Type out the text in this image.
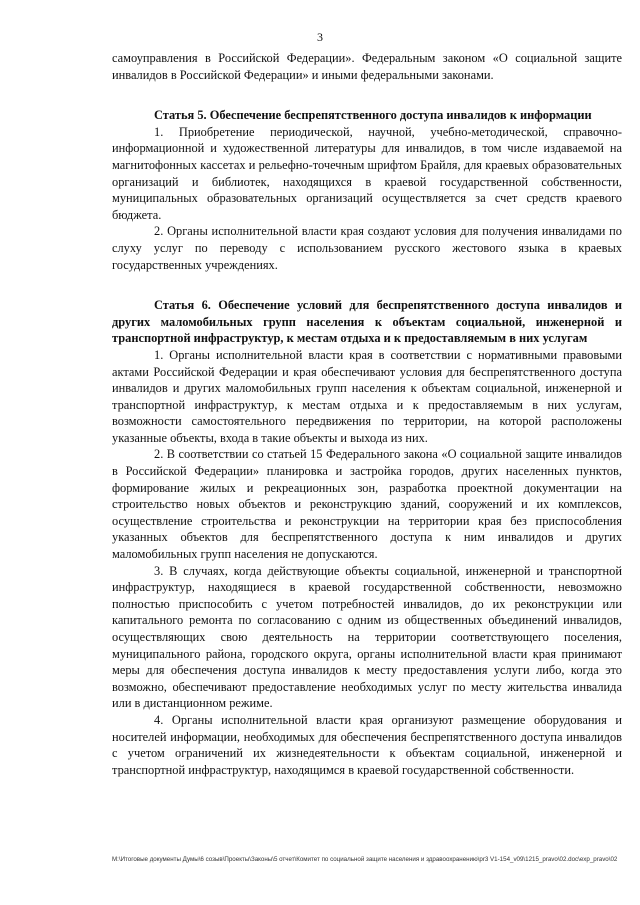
3

самоуправления в Российской Федерации». Федеральным законом «О социальной защите инвалидов в Российской Федерации» и иными федеральными законами.

Статья 5. Обеспечение беспрепятственного доступа инвалидов к информации

1. Приобретение периодической, научной, учебно-методической, справочно-информационной и художественной литературы для инвалидов, в том числе издаваемой на магнитофонных кассетах и рельефно-точечным шрифтом Брайля, для краевых образовательных организаций и библиотек, находящихся в краевой государственной собственности, муниципальных образовательных организаций осуществляется за счет средств краевого бюджета.

2. Органы исполнительной власти края создают условия для получения инвалидами по слуху услуг по переводу с использованием русского жестового языка в краевых государственных учреждениях.

Статья 6. Обеспечение условий для беспрепятственного доступа инвалидов и других маломобильных групп населения к объектам социальной, инженерной и транспортной инфраструктур, к местам отдыха и к предоставляемым в них услугам

1. Органы исполнительной власти края в соответствии с нормативными правовыми актами Российской Федерации и края обеспечивают условия для беспрепятственного доступа инвалидов и других маломобильных групп населения к объектам социальной, инженерной и транспортной инфраструктур, к местам отдыха и к предоставляемым в них услугам, возможности самостоятельного передвижения по территории, на которой расположены указанные объекты, входа в такие объекты и выхода из них.

2. В соответствии со статьей 15 Федерального закона «О социальной защите инвалидов в Российской Федерации» планировка и застройка городов, других населенных пунктов, формирование жилых и рекреационных зон, разработка проектной документации на строительство новых объектов и реконструкцию зданий, сооружений и их комплексов, осуществление строительства и реконструкции на территории края без приспособления указанных объектов для беспрепятственного доступа к ним инвалидов и других маломобильных групп населения не допускаются.

3. В случаях, когда действующие объекты социальной, инженерной и транспортной инфраструктур, находящиеся в краевой государственной собственности, невозможно полностью приспособить с учетом потребностей инвалидов, до их реконструкции или капитального ремонта по согласованию с одним из общественных объединений инвалидов, осуществляющих свою деятельность на территории соответствующего поселения, муниципального района, городского округа, органы исполнительной власти края принимают меры для обеспечения доступа инвалидов к месту предоставления услуги либо, когда это возможно, обеспечивают предоставление необходимых услуг по месту жительства инвалида или в дистанционном режиме.

4. Органы исполнительной власти края организуют размещение оборудования и носителей информации, необходимых для обеспечения беспрепятственного доступа инвалидов с учетом ограничений их жизнедеятельности к объектам социальной, инженерной и транспортной инфраструктур, находящимся в краевой государственной собственности.

M:\Итоговые документы Думы\6 созыв\Проекты\Законы\5 отчет\Комитет по социальной защите населения и здравоохранению\pr3 V1-154_v09\1215_pravo\02.doc\exp_pravo\02
